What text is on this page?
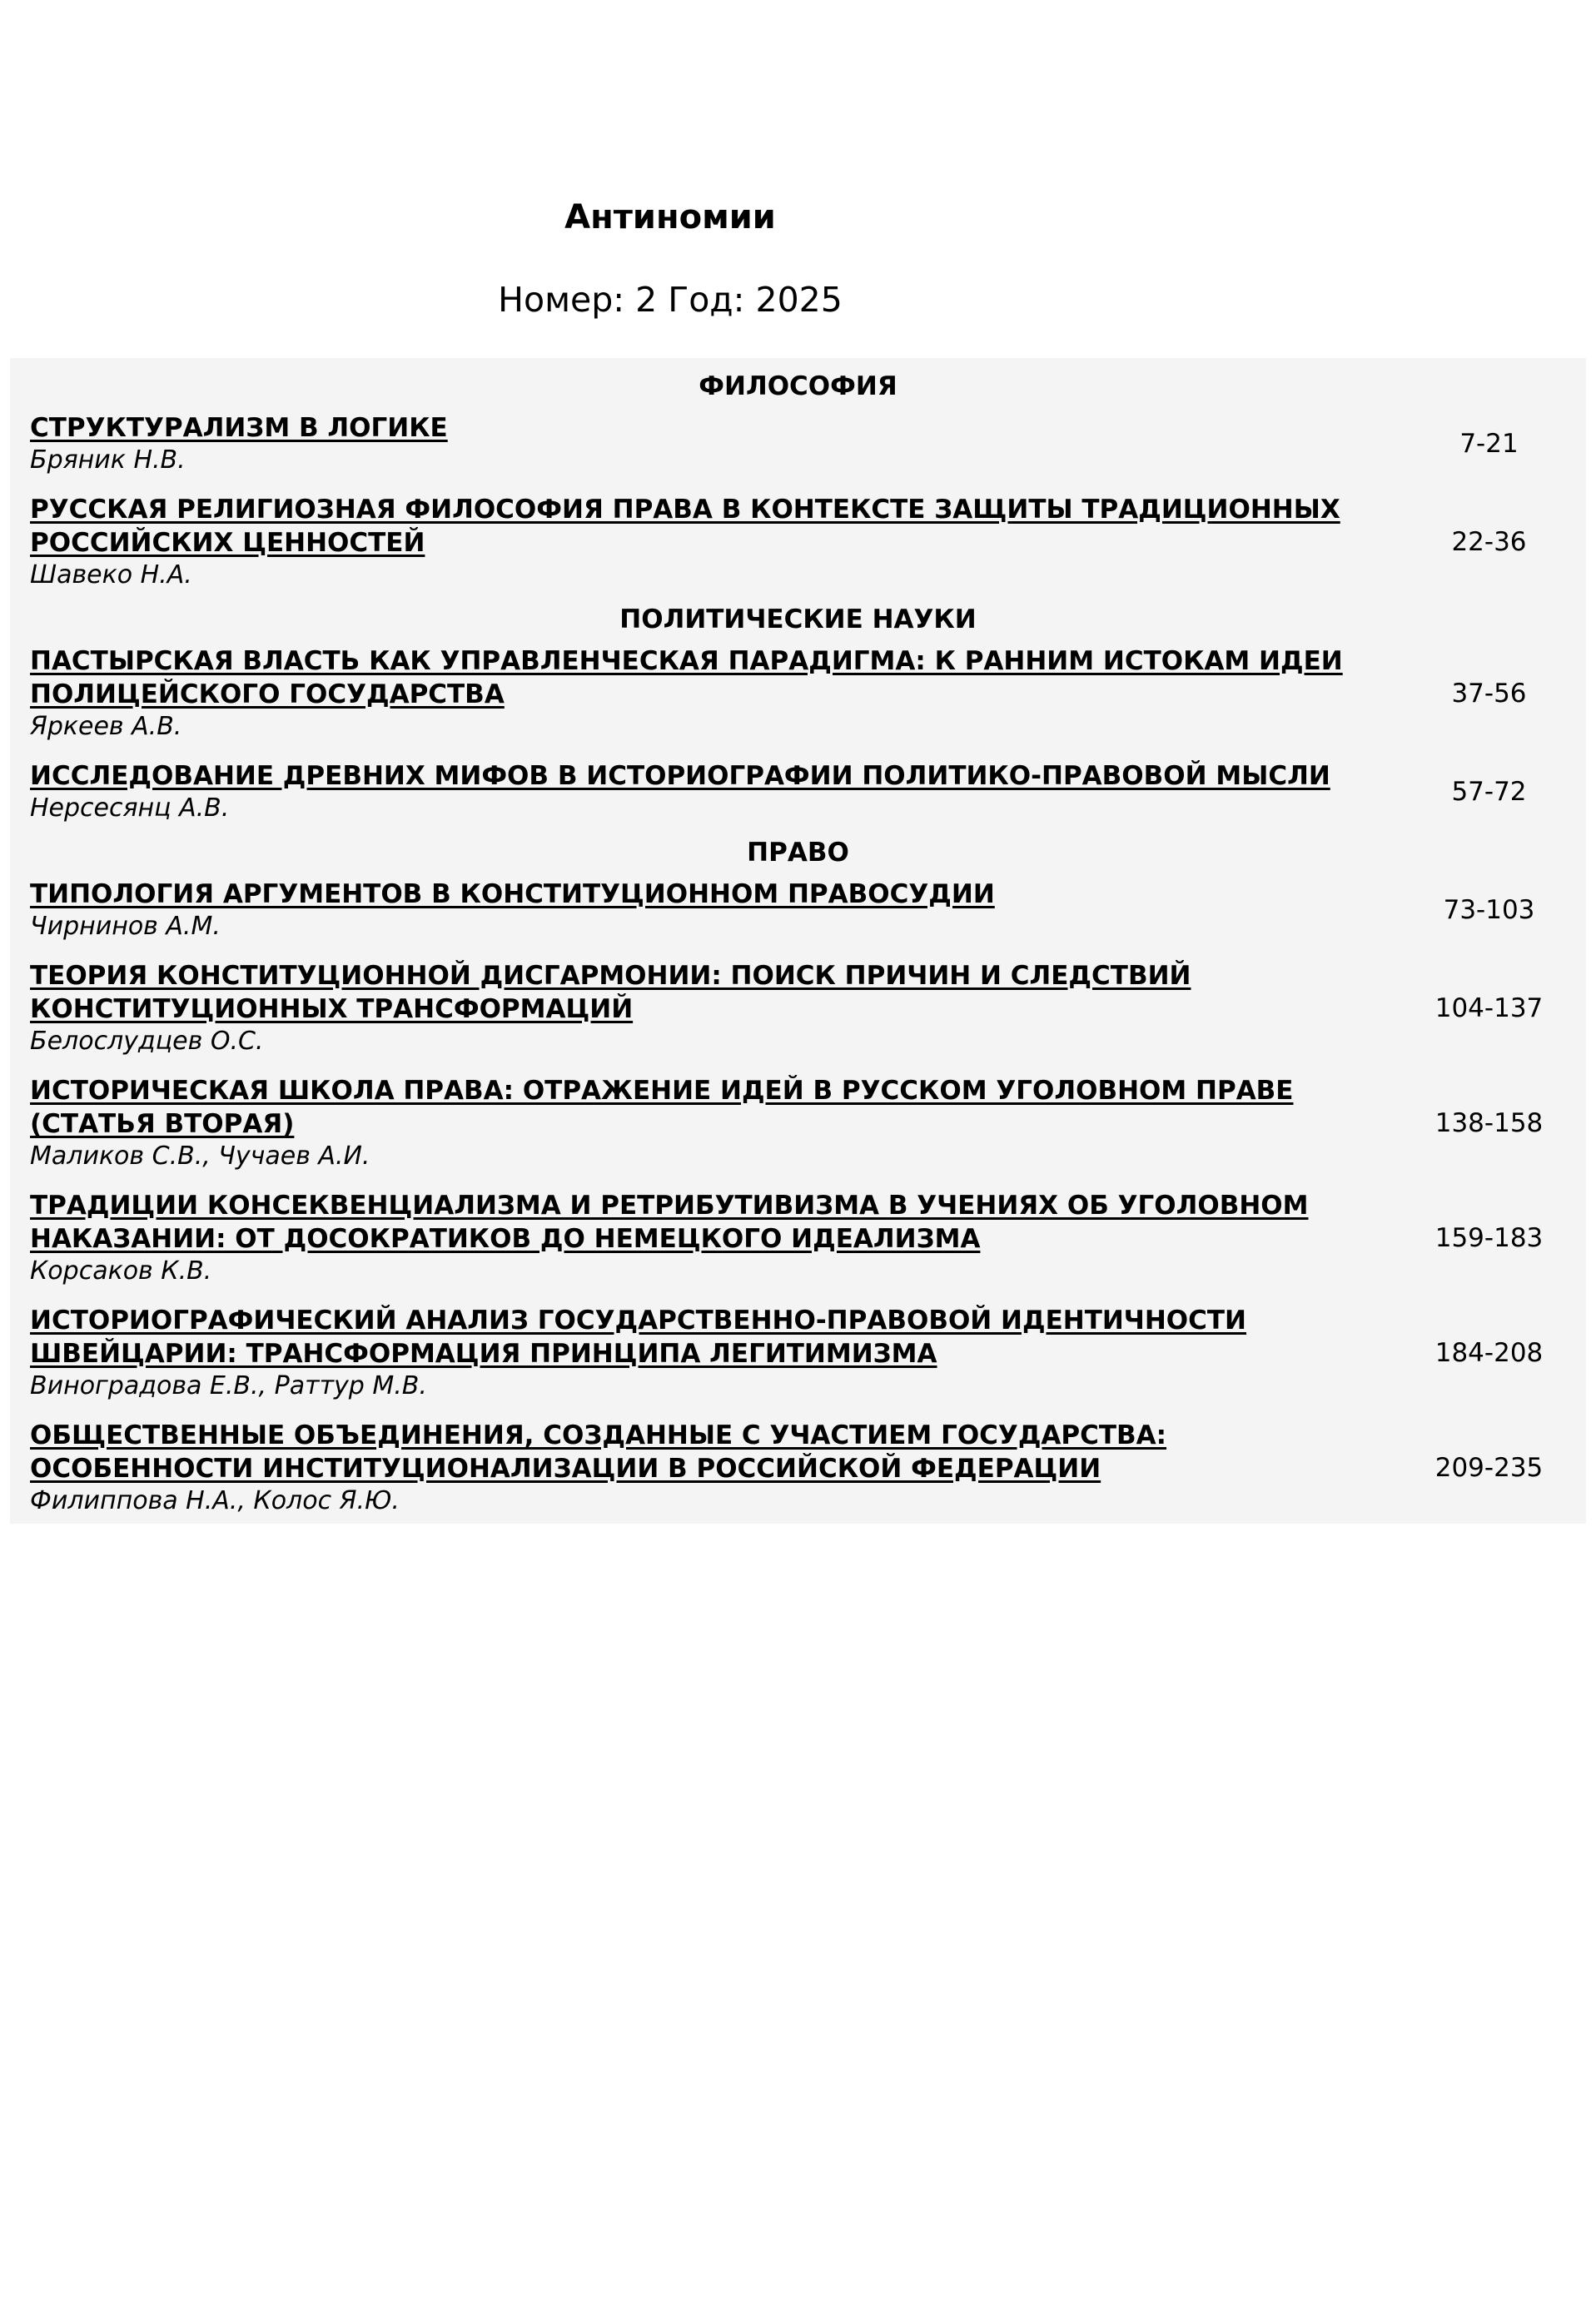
Антиномии
Номер: 2 Год: 2025
ФИЛОСОФИЯ
СТРУКТУРАЛИЗМ В ЛОГИКЕ
Бряник Н.В.
7-21
РУССКАЯ РЕЛИГИОЗНАЯ ФИЛОСОФИЯ ПРАВА В КОНТЕКСТЕ ЗАЩИТЫ ТРАДИЦИОННЫХ РОССИЙСКИХ ЦЕННОСТЕЙ
Шавеко Н.А.
22-36
ПОЛИТИЧЕСКИЕ НАУКИ
ПАСТЫРСКАЯ ВЛАСТЬ КАК УПРАВЛЕНЧЕСКАЯ ПАРАДИГМА: К РАННИМ ИСТОКАМ ИДЕИ ПОЛИЦЕЙСКОГО ГОСУДАРСТВА
Яркеев А.В.
37-56
ИССЛЕДОВАНИЕ ДРЕВНИХ МИФОВ В ИСТОРИОГРАФИИ ПОЛИТИКО-ПРАВОВОЙ МЫСЛИ
Нерсесянц А.В.
57-72
ПРАВО
ТИПОЛОГИЯ АРГУМЕНТОВ В КОНСТИТУЦИОННОМ ПРАВОСУДИИ
Чирнинов А.М.
73-103
ТЕОРИЯ КОНСТИТУЦИОННОЙ ДИСГАРМОНИИ: ПОИСК ПРИЧИН И СЛЕДСТВИЙ КОНСТИТУЦИОННЫХ ТРАНСФОРМАЦИЙ
Белослудцев О.С.
104-137
ИСТОРИЧЕСКАЯ ШКОЛА ПРАВА: ОТРАЖЕНИЕ ИДЕЙ В РУССКОМ УГОЛОВНОМ ПРАВЕ (СТАТЬЯ ВТОРАЯ)
Маликов С.В., Чучаев А.И.
138-158
ТРАДИЦИИ КОНСЕКВЕНЦИАЛИЗМА И РЕТРИБУТИВИЗМА В УЧЕНИЯХ ОБ УГОЛОВНОМ НАКАЗАНИИ: ОТ ДОСОКРАТИКОВ ДО НЕМЕЦКОГО ИДЕАЛИЗМА
Корсаков К.В.
159-183
ИСТОРИОГРАФИЧЕСКИЙ АНАЛИЗ ГОСУДАРСТВЕННО-ПРАВОВОЙ ИДЕНТИЧНОСТИ ШВЕЙЦАРИИ: ТРАНСФОРМАЦИЯ ПРИНЦИПА ЛЕГИТИМИЗМА
Виноградова Е.В., Раттур М.В.
184-208
ОБЩЕСТВЕННЫЕ ОБЪЕДИНЕНИЯ, СОЗДАННЫЕ С УЧАСТИЕМ ГОСУДАРСТВА: ОСОБЕННОСТИ ИНСТИТУЦИОНАЛИЗАЦИИ В РОССИЙСКОЙ ФЕДЕРАЦИИ
Филиппова Н.А., Колос Я.Ю.
209-235
